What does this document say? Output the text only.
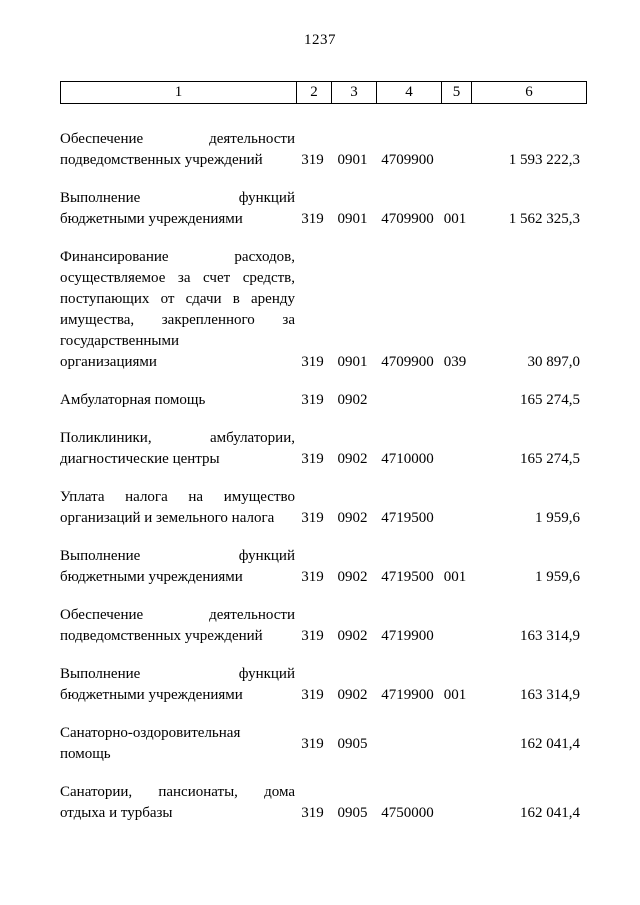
1237
1	2	3	4	5	6
Обеспечение деятельности
подведомственных учреждений	319 0901 4709900	1 593 222,3
Выполнение функций
бюджетными учреждениями	319 0901 4709900 001	1 562 325,3
Финансирование расходов,
осуществляемое за счет средств,
поступающих от сдачи в аренду
имущества, закрепленного за
государственными
организациями	319 0901 4709900 039	30 897,0
Амбулаторная помощь	319 0902	165 274,5
Поликлиники, амбулатории,
диагностические центры	319 0902 4710000	165 274,5
Уплата налога на имущество
организаций и земельного налога	319 0902 4719500	1 959,6
Выполнение функций
бюджетными учреждениями	319 0902 4719500 001	1 959,6
Обеспечение деятельности
подведомственных учреждений	319 0902 4719900	163 314,9
Выполнение функций
бюджетными учреждениями	319 0902 4719900 001	163 314,9
Санаторно-оздоровительная
помощь
319 0905	162 041,4
Санатории, пансионаты, дома
отдыха и турбазы	319 0905 4750000	162 041,4
